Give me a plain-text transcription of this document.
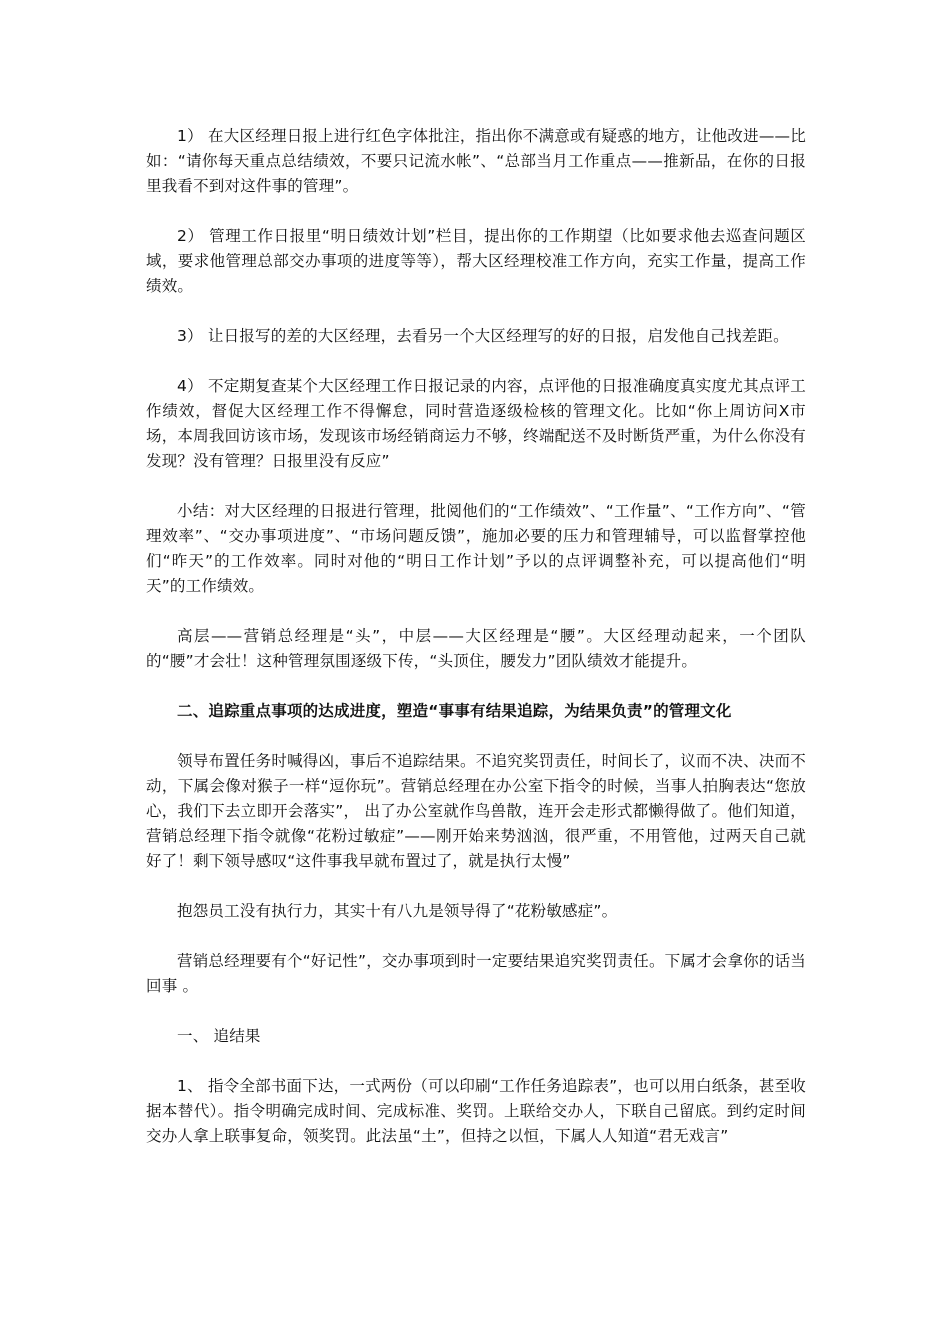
1） 在大区经理日报上进行红色字体批注，指出你不满意或有疑惑的地方，让他改进——比如：“请你每天重点总结绩效，不要只记流水帐”、“总部当月工作重点——推新品，在你的日报里我看不到对这件事的管理”。

2） 管理工作日报里“明日绩效计划”栏目，提出你的工作期望（比如要求他去巡查问题区域，要求他管理总部交办事项的进度等等），帮大区经理校准工作方向，充实工作量，提高工作绩效。

3） 让日报写的差的大区经理，去看另一个大区经理写的好的日报，启发他自己找差距。

4） 不定期复查某个大区经理工作日报记录的内容，点评他的日报准确度真实度尤其点评工作绩效，督促大区经理工作不得懈怠，同时营造逐级检核的管理文化。比如“你上周访问X市场，本周我回访该市场，发现该市场经销商运力不够，终端配送不及时断货严重，为什么你没有发现？没有管理？日报里没有反应”

小结：对大区经理的日报进行管理，批阅他们的“工作绩效”、“工作量”、“工作方向”、“管理效率”、“交办事项进度”、“市场问题反馈”，施加必要的压力和管理辅导，可以监督掌控他们“昨天”的工作效率。同时对他的“明日工作计划”予以的点评调整补充，可以提高他们“明天”的工作绩效。

高层——营销总经理是“头”，中层——大区经理是“腰”。大区经理动起来，一个团队的“腰”才会壮！这种管理氛围逐级下传，“头顶住，腰发力”团队绩效才能提升。

二、追踪重点事项的达成进度，塑造“事事有结果追踪，为结果负责”的管理文化

领导布置任务时喊得凶，事后不追踪结果。不追究奖罚责任，时间长了，议而不决、决而不动，下属会像对猴子一样“逗你玩”。营销总经理在办公室下指令的时候，当事人拍胸表达“您放心，我们下去立即开会落实”， 出了办公室就作鸟兽散，连开会走形式都懒得做了。他们知道，营销总经理下指令就像“花粉过敏症”——刚开始来势汹汹，很严重，不用管他，过两天自己就好了！剩下领导感叹“这件事我早就布置过了，就是执行太慢”

抱怨员工没有执行力，其实十有八九是领导得了“花粉敏感症”。

营销总经理要有个“好记性”，交办事项到时一定要结果追究奖罚责任。下属才会拿你的话当回事 。

一、 追结果

1、 指令全部书面下达，一式两份（可以印刷“工作任务追踪表”，也可以用白纸条，甚至收据本替代）。指令明确完成时间、完成标准、奖罚。上联给交办人，下联自己留底。到约定时间交办人拿上联事复命，领奖罚。此法虽“土”，但持之以恒，下属人人知道“君无戏言”
